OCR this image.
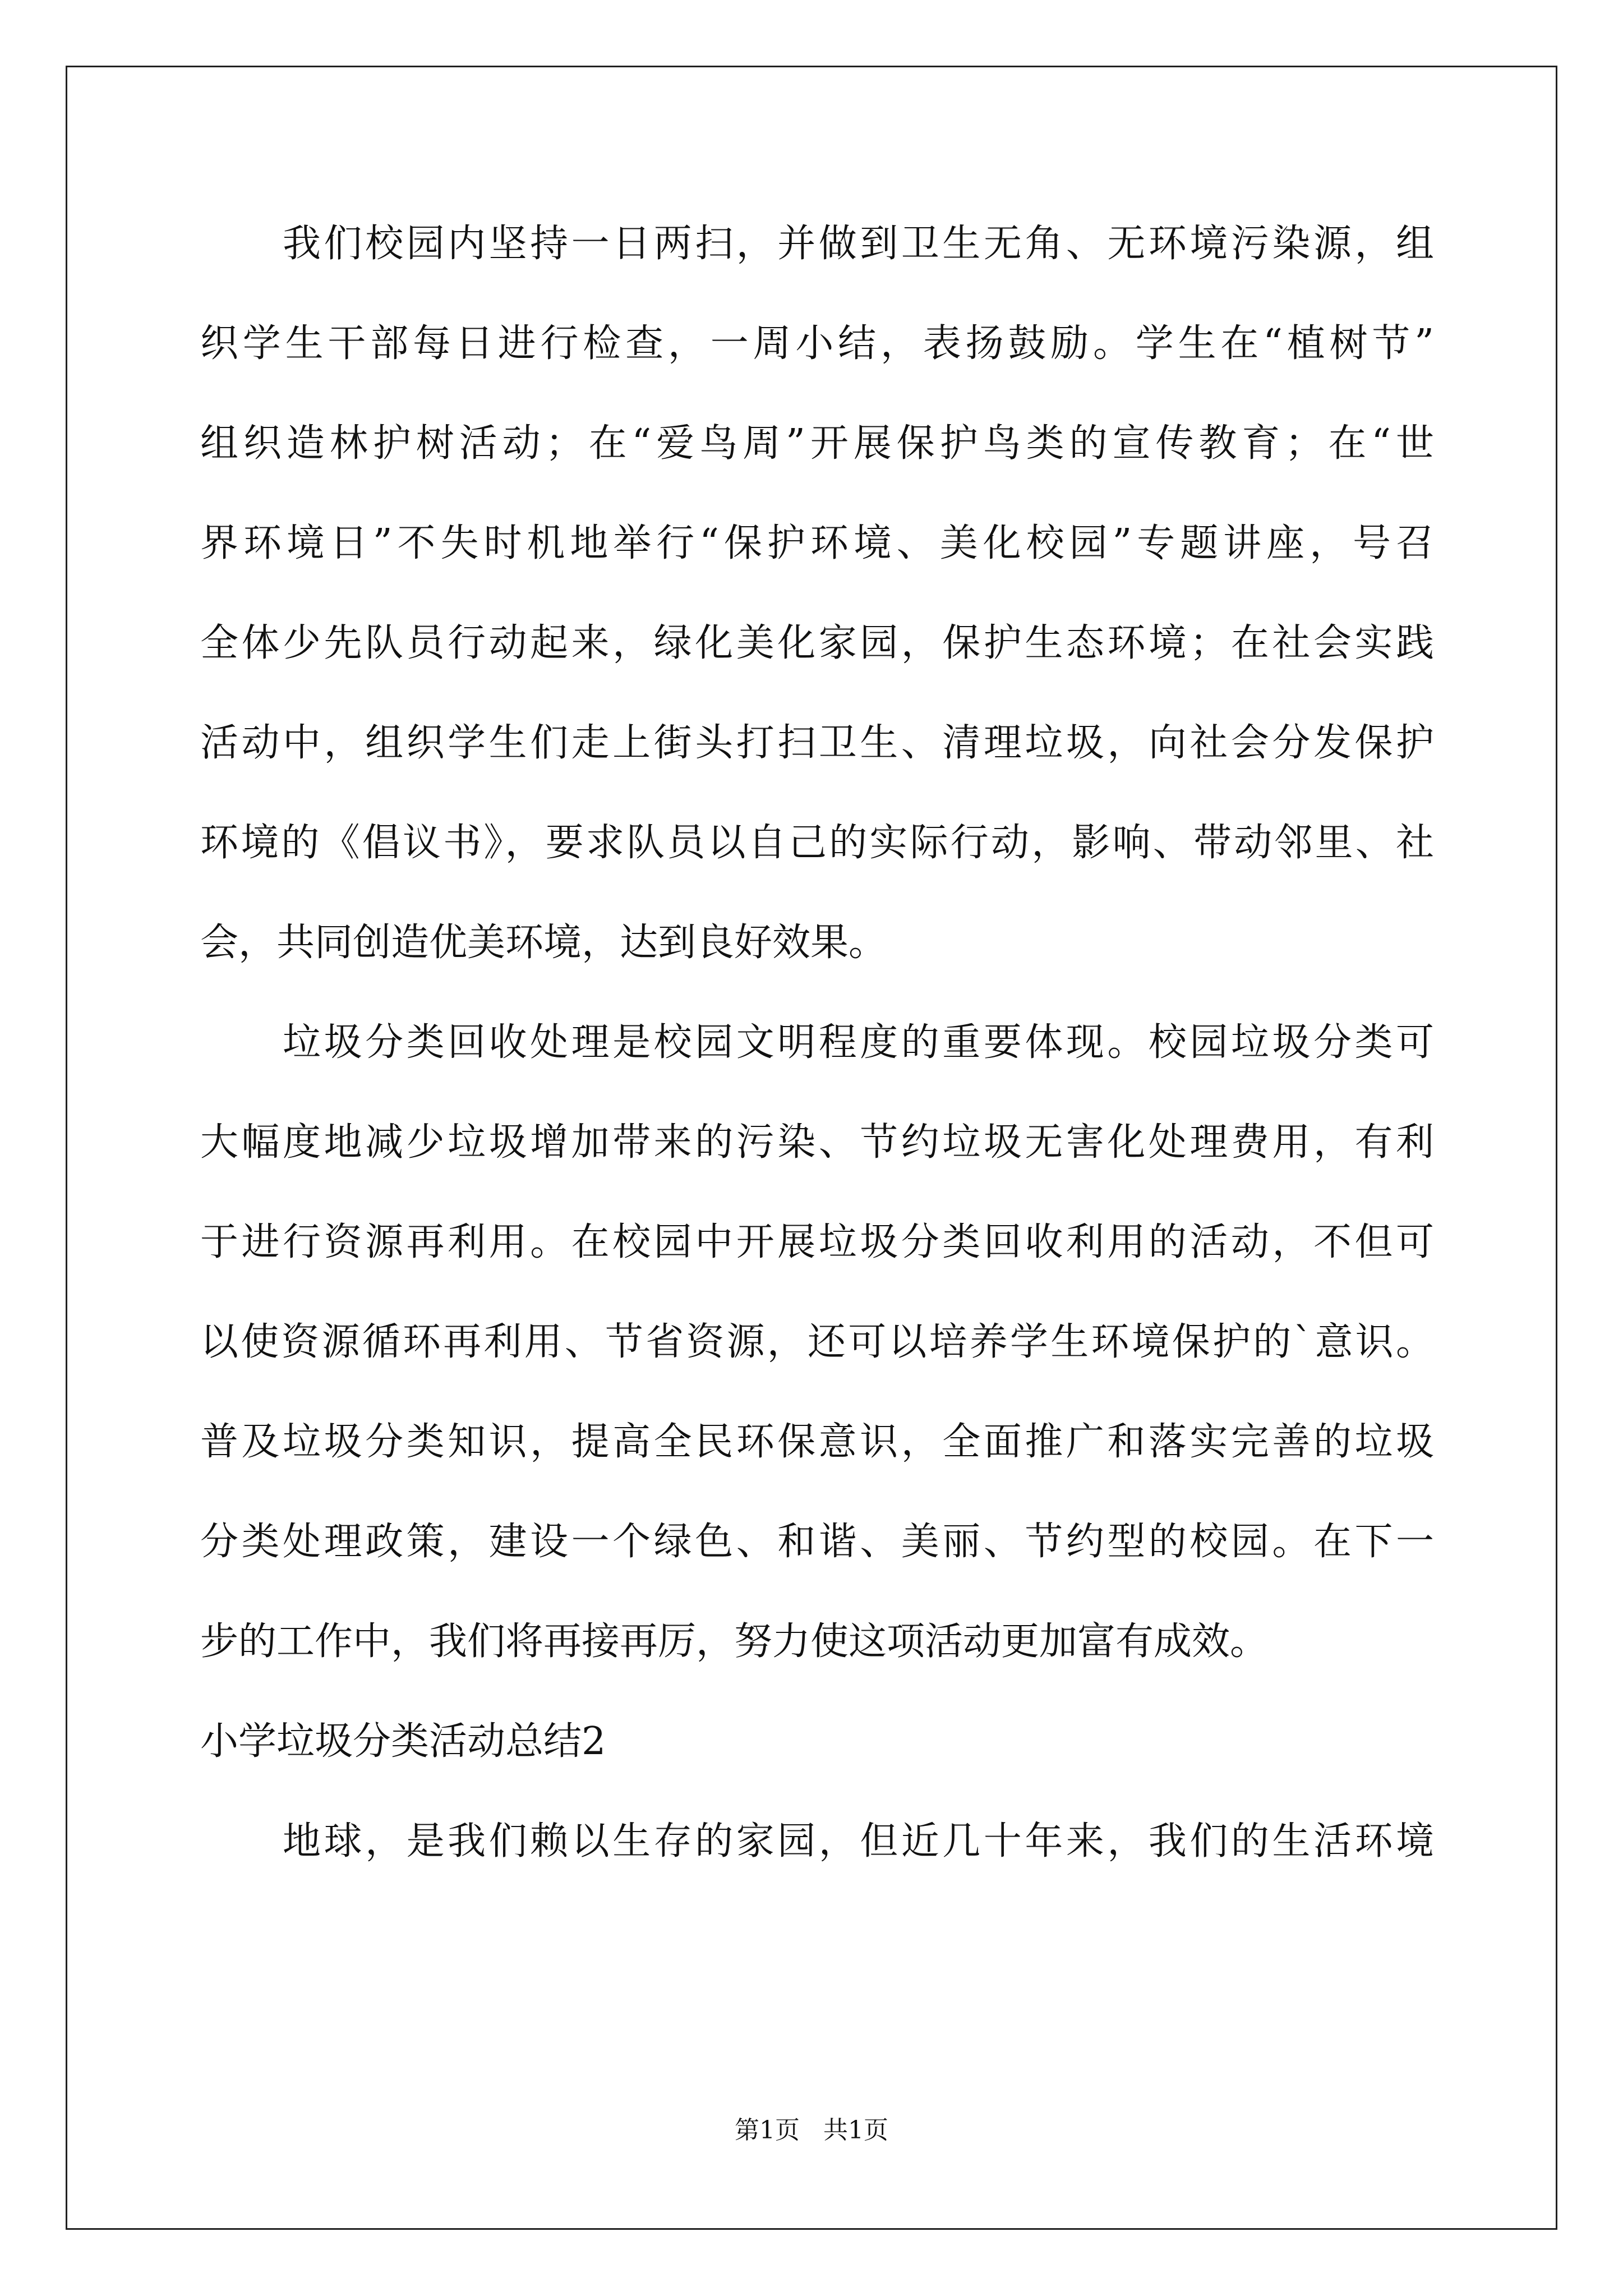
　　我们校园内坚持一日两扫，并做到卫生无角、无环境污染源，组
织学生干部每日进行检查，一周小结，表扬鼓励。学生在“植树节”
组织造林护树活动；在“爱鸟周”开展保护鸟类的宣传教育；在“世
界环境日”不失时机地举行“保护环境、美化校园”专题讲座，号召
全体少先队员行动起来，绿化美化家园，保护生态环境；在社会实践
活动中，组织学生们走上街头打扫卫生、清理垃圾，向社会分发保护
环境的《倡议书》，要求队员以自己的实际行动，影响、带动邻里、社
会，共同创造优美环境，达到良好效果。
　　垃圾分类回收处理是校园文明程度的重要体现。校园垃圾分类可
大幅度地减少垃圾增加带来的污染、节约垃圾无害化处理费用，有利
于进行资源再利用。在校园中开展垃圾分类回收利用的活动，不但可
以使资源循环再利用、节省资源，还可以培养学生环境保护的`意识。
普及垃圾分类知识，提高全民环保意识，全面推广和落实完善的垃圾
分类处理政策，建设一个绿色、和谐、美丽、节约型的校园。在下一
步的工作中，我们将再接再厉，努力使这项活动更加富有成效。
小学垃圾分类活动总结2
　　地球，是我们赖以生存的家园，但近几十年来，我们的生活环境
第1页 共1页
